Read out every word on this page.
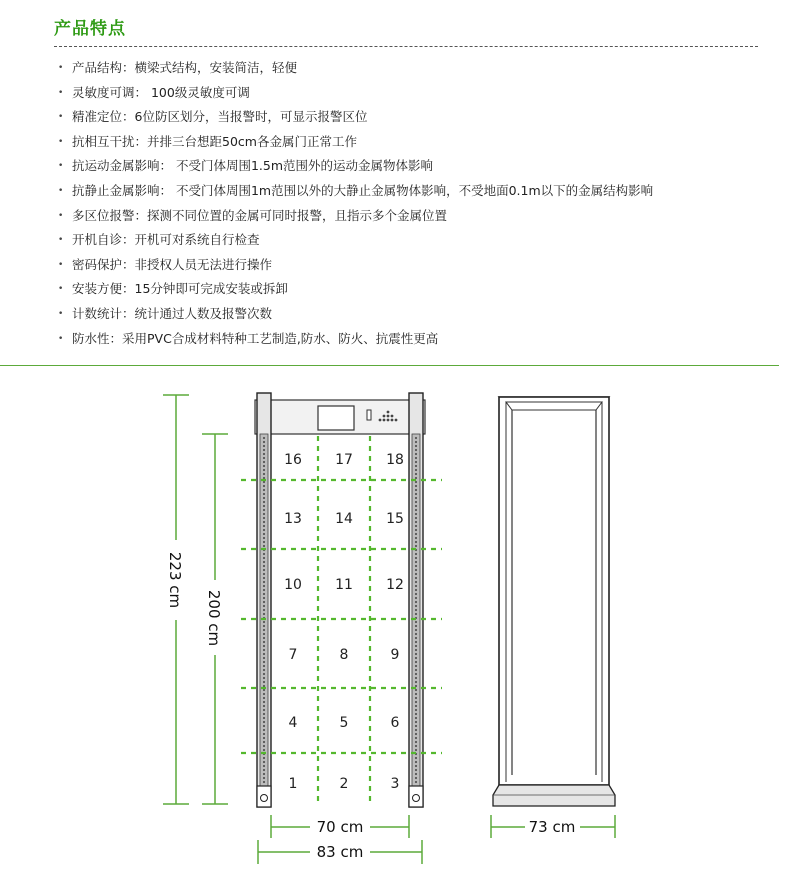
产品特点
• 产品结构：横梁式结构，安装简洁，轻便
• 灵敏度可调： 100级灵敏度可调
• 精准定位：6位防区划分，当报警时，可显示报警区位
• 抗相互干扰：并排三台想距50cm各金属门正常工作
• 抗运动金属影响： 不受门体周围1.5m范围外的运动金属物体影响
• 抗静止金属影响： 不受门体周围1m范围以外的大静止金属物体影响，不受地面0.1m以下的金属结构影响
• 多区位报警：探测不同位置的金属可同时报警，且指示多个金属位置
• 开机自诊：开机可对系统自行检查
• 密码保护：非授权人员无法进行操作
• 安装方便：15分钟即可完成安装或拆卸
• 计数统计：统计通过人数及报警次数
• 防水性：采用PVC合成材料特种工艺制造,防水、防火、抗震性更高
223 cm
200 cm
16 17 18
13 14 15
10 11 12
7	8	9
4	5	6
1	2	3
70 cm
83 cm
73 cm
